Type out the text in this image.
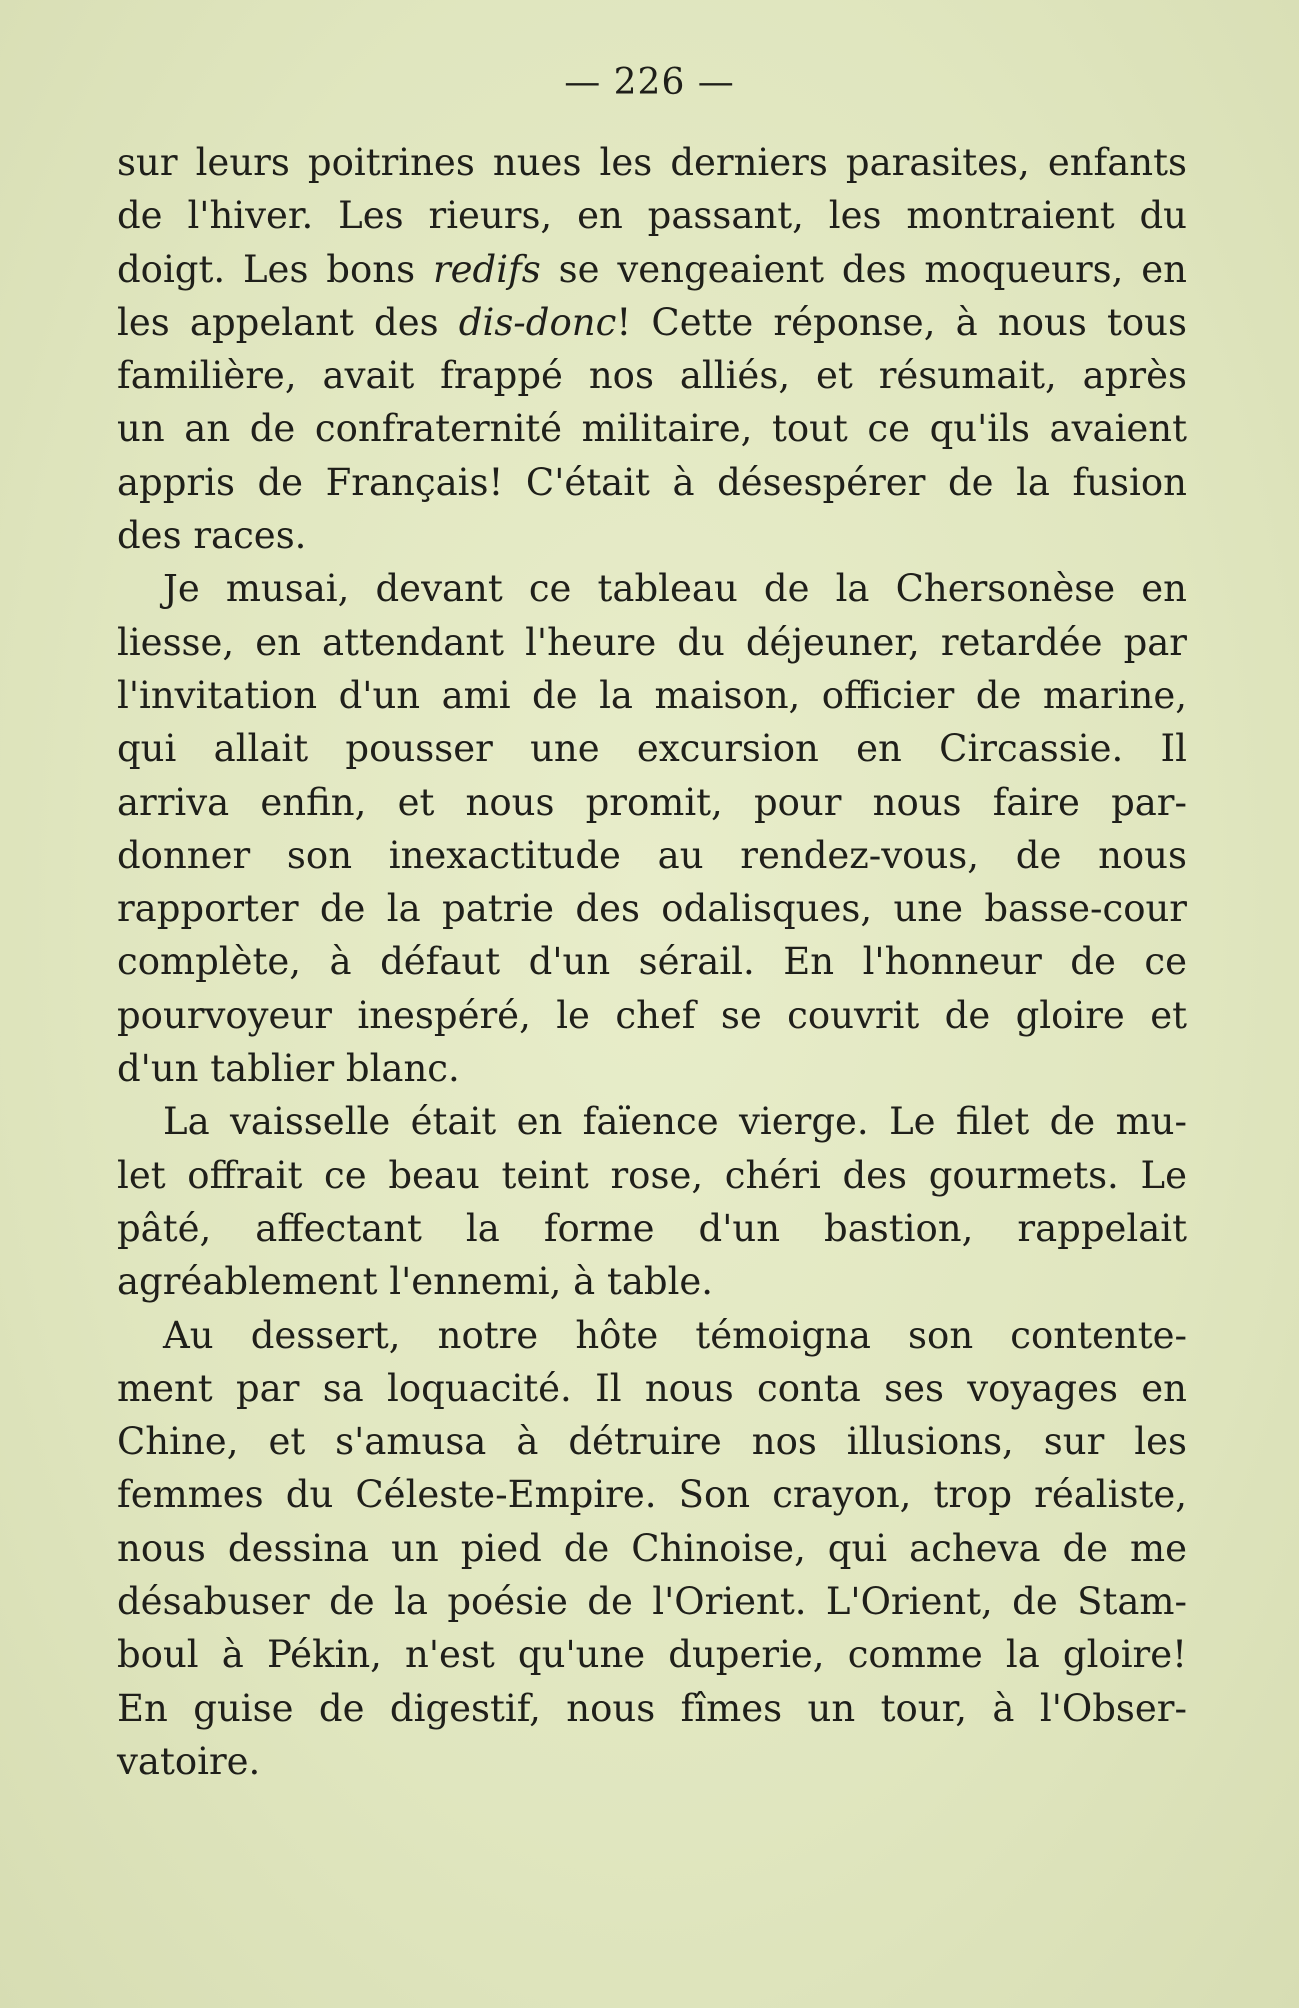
— 226 —
sur leurs poitrines nues les derniers parasites, enfants
de l'hiver. Les rieurs, en passant, les montraient du
doigt. Les bons redifs se vengeaient des moqueurs, en
les appelant des dis-donc! Cette réponse, à nous tous
familière, avait frappé nos alliés, et résumait, après
un an de confraternité militaire, tout ce qu'ils avaient
appris de Français! C'était à désespérer de la fusion
des races.
Je musai, devant ce tableau de la Chersonèse en
liesse, en attendant l'heure du déjeuner, retardée par
l'invitation d'un ami de la maison, officier de marine,
qui allait pousser une excursion en Circassie. Il
arriva enfin, et nous promit, pour nous faire par-
donner son inexactitude au rendez-vous, de nous
rapporter de la patrie des odalisques, une basse-cour
complète, à défaut d'un sérail. En l'honneur de ce
pourvoyeur inespéré, le chef se couvrit de gloire et
d'un tablier blanc.
La vaisselle était en faïence vierge. Le filet de mu-
let offrait ce beau teint rose, chéri des gourmets. Le
pâté, affectant la forme d'un bastion, rappelait
agréablement l'ennemi, à table.
Au dessert, notre hôte témoigna son contente-
ment par sa loquacité. Il nous conta ses voyages en
Chine, et s'amusa à détruire nos illusions, sur les
femmes du Céleste-Empire. Son crayon, trop réaliste,
nous dessina un pied de Chinoise, qui acheva de me
désabuser de la poésie de l'Orient. L'Orient, de Stam-
boul à Pékin, n'est qu'une duperie, comme la gloire!
En guise de digestif, nous fîmes un tour, à l'Obser-
vatoire.
